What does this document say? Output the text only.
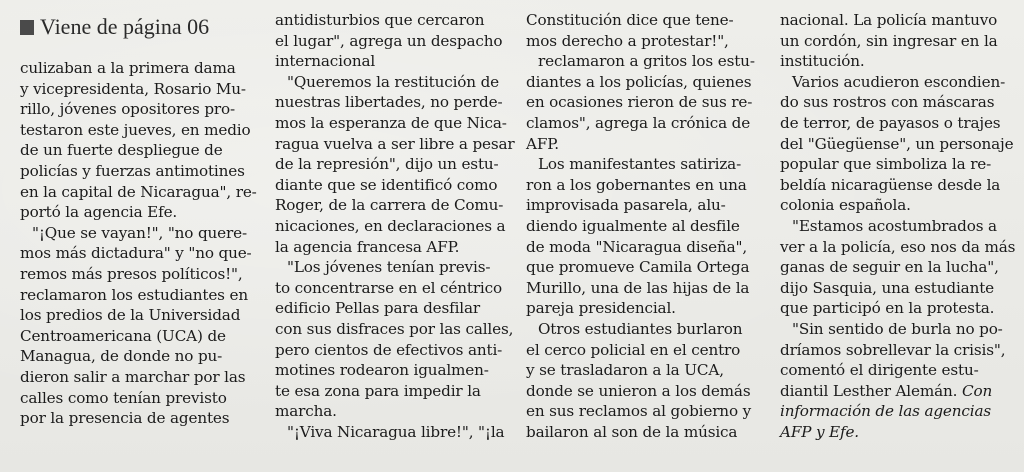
Viene de página 06

culizaban a la primera dama

y vicepresidenta, Rosario Mu-

rillo, jóvenes opositores pro-

testaron este jueves, en medio

de un fuerte despliegue de

policías y fuerzas antimotines

en la capital de Nicaragua", re-

portó la agencia Efe.

"¡Que se vayan!", "no quere-

mos más dictadura" y "no que-

remos más presos políticos!",

reclamaron los estudiantes en

los predios de la Universidad

Centroamericana (UCA) de

Managua, de donde no pu-

dieron salir a marchar por las

calles como tenían previsto

por la presencia de agentes

antidisturbios que cercaron

el lugar", agrega un despacho

internacional

"Queremos la restitución de

nuestras libertades, no perde-

mos la esperanza de que Nica-

ragua vuelva a ser libre a pesar

de la represión", dijo un estu-

diante que se identificó como

Roger, de la carrera de Comu-

nicaciones, en declaraciones a

la agencia francesa AFP.

"Los jóvenes tenían previs-

to concentrarse en el céntrico

edificio Pellas para desfilar

con sus disfraces por las calles,

pero cientos de efectivos anti-

motines rodearon igualmen-

te esa zona para impedir la

marcha.

"¡Viva Nicaragua libre!", "¡la

Constitución dice que tene-

mos derecho a protestar!",

reclamaron a gritos los estu-

diantes a los policías, quienes

en ocasiones rieron de sus re-

clamos", agrega la crónica de

AFP.

Los manifestantes satiriza-

ron a los gobernantes en una

improvisada pasarela, alu-

diendo igualmente al desfile

de moda "Nicaragua diseña",

que promueve Camila Ortega

Murillo, una de las hijas de la

pareja presidencial.

Otros estudiantes burlaron

el cerco policial en el centro

y se trasladaron a la UCA,

donde se unieron a los demás

en sus reclamos al gobierno y

bailaron al son de la música

nacional. La policía mantuvo

un cordón, sin ingresar en la

institución.

Varios acudieron escondien-

do sus rostros con máscaras

de terror, de payasos o trajes

del "Güegüense", un personaje

popular que simboliza la re-

beldía nicaragüense desde la

colonia española.

"Estamos acostumbrados a

ver a la policía, eso nos da más

ganas de seguir en la lucha",

dijo Sasquia, una estudiante

que participó en la protesta.

"Sin sentido de burla no po-

dríamos sobrellevar la crisis",

comentó el dirigente estu-

diantil Lesther Alemán. Con

información de las agencias

AFP y Efe.
